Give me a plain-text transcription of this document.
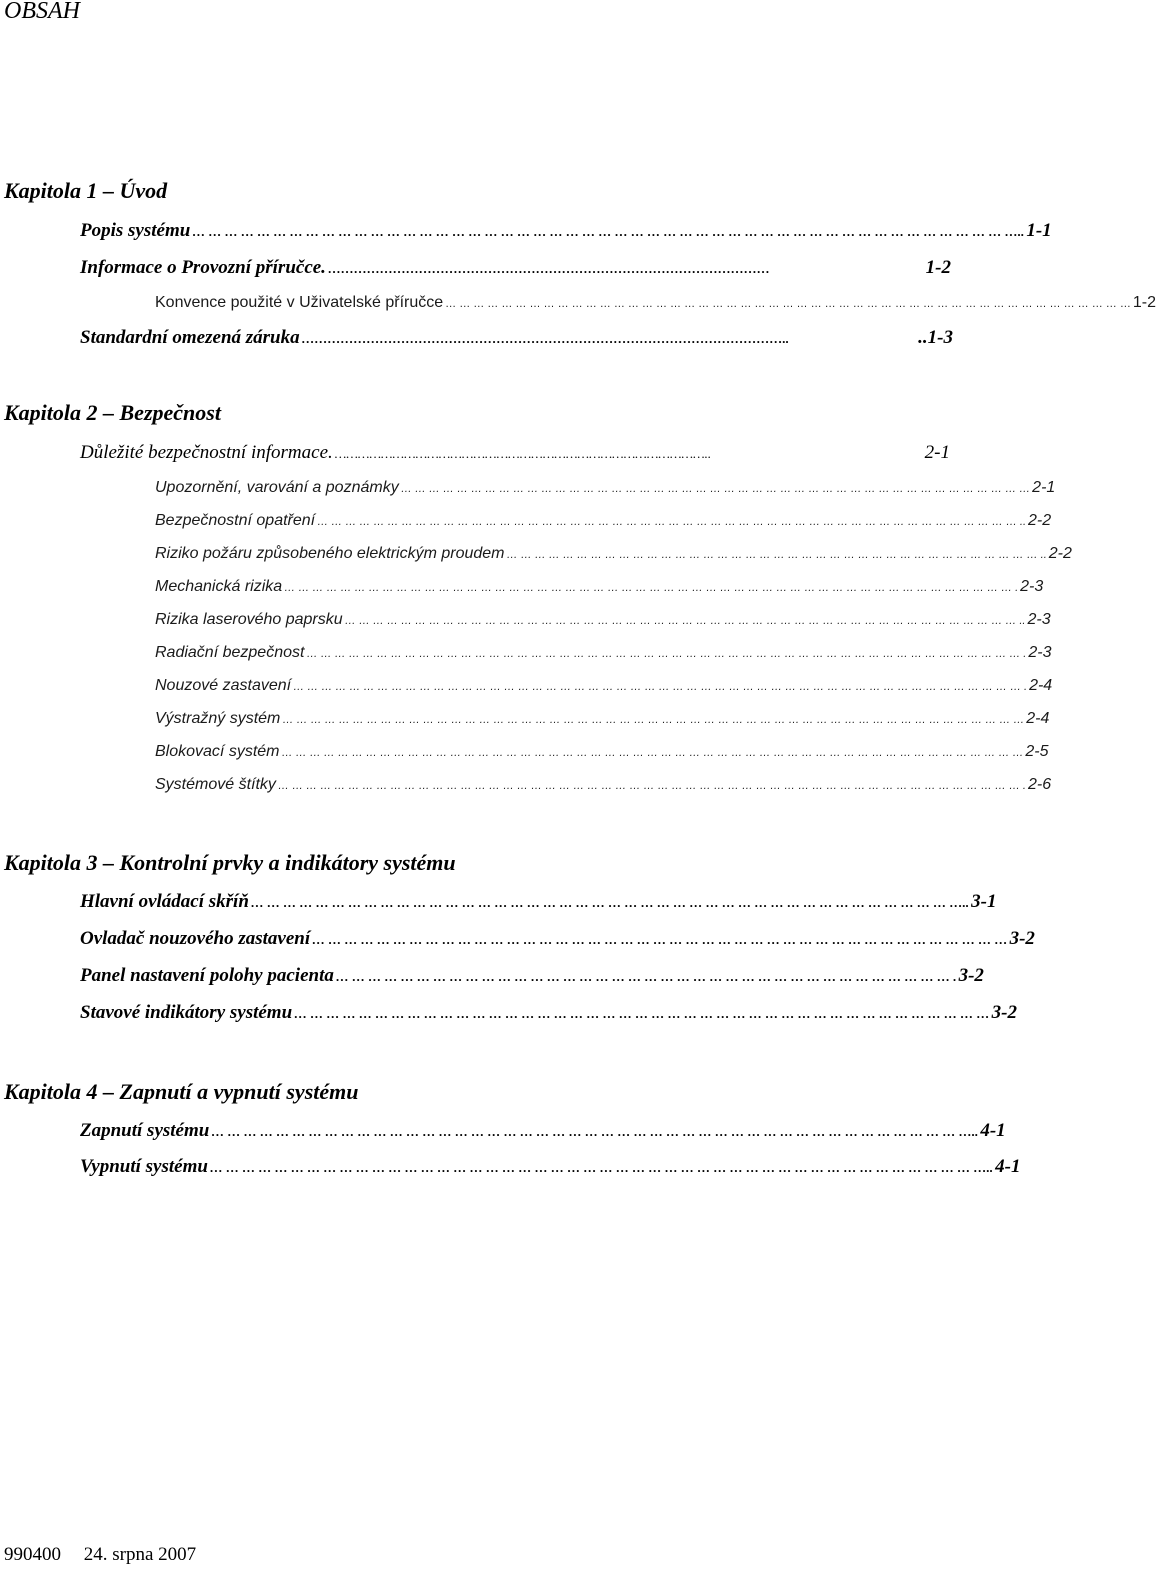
OBSAH
Kapitola 1 – Úvod
Popis systému … … … … … … … … … … … … … … … … … … … … … … … … … … … … … … … … … … … … … … … … … … … … … … … … … … ….. 1-1
Informace o Provozní příručce. …………………………………………………………………………………………	1-2
Konvence použité v Uživatelské příručce … … … … … … … … … … … … … … … … … … … … … … … … … … … … … … … … … … … … … … … … … … … … … … … … … 1-2
Standardní omezená záruka …………………………………………………………………………………………………..	..1-3
Kapitola 2 – Bezpečnost
Důležité bezpečnostní informace. ……………………………………………………………………………………..	2-1
Upozornění, varování a poznámky … … … … … … … … … … … … … … … … … … … … … … … … … … … … … … … … … … … … … … … … … … … … … 2-1
Bezpečnostní opatření … … … … … … … … … … … … … … … … … … … … … … … … … … … … … … … … … … … … … … … … … … … … … … … … … … .. 2-2
Riziko požáru způsobeného elektrickým proudem … … … … … … … … … … … … … … … … … … … … … … … … … … … … … … … … … … … … … … .. 2-2
Mechanická rizika … … … … … … … … … … … … … … … … … … … … … … … … … … … … … … … … … … … … … … … … … … … … … … … … … … … … . 2-3
Rizika laserového paprsku … … … … … … … … … … … … … … … … … … … … … … … … … … … … … … … … … … … … … … … … … … … … … … … … .. 2-3
Radiační bezpečnost … … … … … … … … … … … … … … … … … … … … … … … … … … … … … … … … … … … … … … … … … … … … … … … … … … … . 2-3
Nouzové zastavení … … … … … … … … … … … … … … … … … … … … … … … … … … … … … … … … … … … … … … … … … … … … … … … … … … … … . 2-4
Výstražný systém … … … … … … … … … … … … … … … … … … … … … … … … … … … … … … … … … … … … … … … … … … … … … … … … … … … … … 2-4
Blokovací systém … … … … … … … … … … … … … … … … … … … … … … … … … … … … … … … … … … … … … … … … … … … … … … … … … … … … … 2-5
Systémové štítky … … … … … … … … … … … … … … … … … … … … … … … … … … … … … … … … … … … … … … … … … … … … … … … … … … … … … . 2-6
Kapitola 3 – Kontrolní prvky a indikátory systému
Hlavní ovládací skříň … … … … … … … … … … … … … … … … … … … … … … … … … … … … … … … … … … … … … … … … … … … ….. 3-1
Ovladač nouzového zastavení … … … … … … … … … … … … … … … … … … … … … … … … … … … … … … … … … … … … … … … … … … … 3-2
Panel nastavení polohy pacienta … … … … … … … … … … … … … … … … … … … … … … … … … … … … … … … … … … … … … … . 3-2
Stavové indikátory systému … … … … … … … … … … … … … … … … … … … … … … … … … … … … … … … … … … … … … … … … … … … 3-2
Kapitola 4 – Zapnutí a vypnutí systému
Zapnutí systému … … … … … … … … … … … … … … … … … … … … … … … … … … … … … … … … … … … … … … … … … … … … … … ….. 4-1
Vypnutí systému … … … … … … … … … … … … … … … … … … … … … … … … … … … … … … … … … … … … … … … … … … … … … … … ….. 4-1
990400 24. srpna 2007
